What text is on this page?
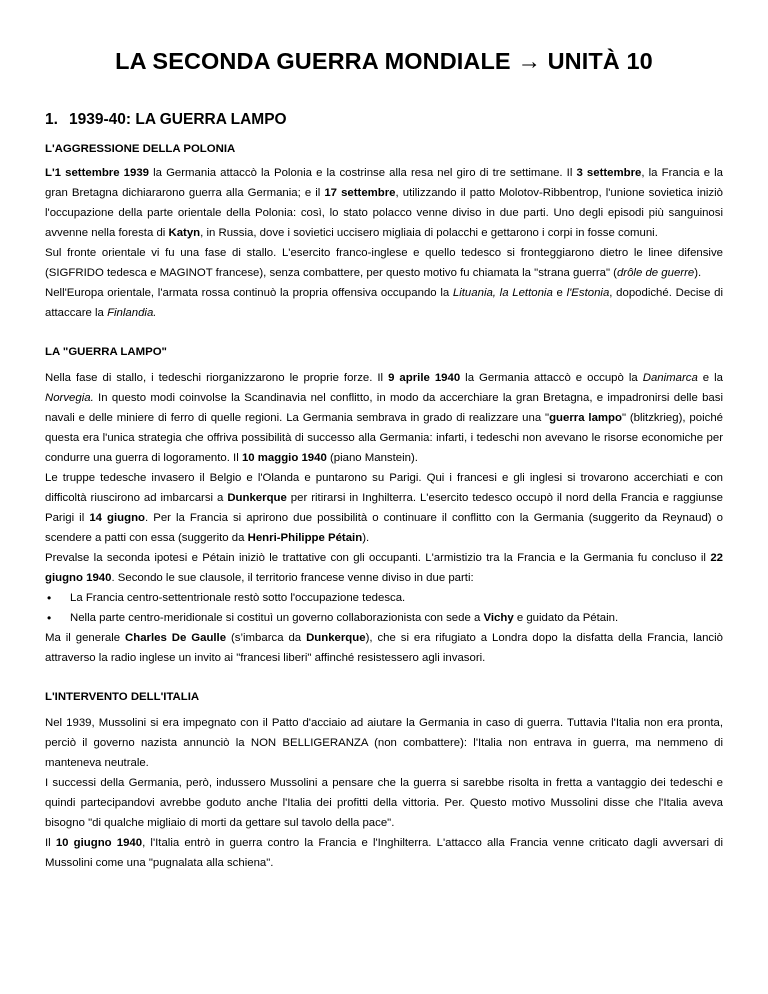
LA SECONDA GUERRA MONDIALE → UNITÀ 10
1. 1939-40: LA GUERRA LAMPO
L'AGGRESSIONE DELLA POLONIA

L'1 settembre 1939 la Germania attaccò la Polonia e la costrinse alla resa nel giro di tre settimane. Il 3 settembre, la Francia e la gran Bretagna dichiararono guerra alla Germania; e il 17 settembre, utilizzando il patto Molotov-Ribbentrop, l'unione sovietica iniziò l'occupazione della parte orientale della Polonia: così, lo stato polacco venne diviso in due parti. Uno degli episodi più sanguinosi avvenne nella foresta di Katyn, in Russia, dove i sovietici uccisero migliaia di polacchi e gettarono i corpi in fosse comuni.

Sul fronte orientale vi fu una fase di stallo. L'esercito franco-inglese e quello tedesco si fronteggiarono dietro le linee difensive (SIGFRIDO tedesca e MAGINOT francese), senza combattere, per questo motivo fu chiamata la "strana guerra" (drôle de guerre).

Nell'Europa orientale, l'armata rossa continuò la propria offensiva occupando la Lituania, la Lettonia e l'Estonia, dopodiché. Decise di attaccare la Finlandia.

LA "GUERRA LAMPO"

Nella fase di stallo, i tedeschi riorganizzarono le proprie forze. Il 9 aprile 1940 la Germania attaccò e occupò la Danimarca e la Norvegia. In questo modi coinvolse la Scandinavia nel conflitto, in modo da accerchiare la gran Bretagna, e impadronirsi delle basi navali e delle miniere di ferro di quelle regioni. La Germania sembrava in grado di realizzare una "guerra lampo" (blitzkrieg), poiché questa era l'unica strategia che offriva possibilità di successo alla Germania: infarti, i tedeschi non avevano le risorse economiche per condurre una guerra di logoramento. Il 10 maggio 1940 (piano Manstein).

Le truppe tedesche invasero il Belgio e l'Olanda e puntarono su Parigi. Qui i francesi e gli inglesi si trovarono accerchiati e con difficoltà riuscirono ad imbarcarsi a Dunkerque per ritirarsi in Inghilterra. L'esercito tedesco occupò il nord della Francia e raggiunse Parigi il 14 giugno. Per la Francia si aprirono due possibilità o continuare il conflitto con la Germania (suggerito da Reynaud) o scendere a patti con essa (suggerito da Henri-Philippe Pétain).

Prevalse la seconda ipotesi e Pétain iniziò le trattative con gli occupanti. L'armistizio tra la Francia e la Germania fu concluso il 22 giugno 1940. Secondo le sue clausole, il territorio francese venne diviso in due parti:

• La Francia centro-settentrionale restò sotto l'occupazione tedesca.
• Nella parte centro-meridionale si costituì un governo collaborazionista con sede a Vichy e guidato da Pétain.

Ma il generale Charles De Gaulle (s’imbarca da Dunkerque), che si era rifugiato a Londra dopo la disfatta della Francia, lanciò attraverso la radio inglese un invito ai "francesi liberi" affinché resistessero agli invasori.

L'INTERVENTO DELL'ITALIA

Nel 1939, Mussolini si era impegnato con il Patto d'acciaio ad aiutare la Germania in caso di guerra. Tuttavia l'Italia non era pronta, perciò il governo nazista annunciò la NON BELLIGERANZA (non combattere): l'Italia non entrava in guerra, ma nemmeno di manteneva neutrale.

I successi della Germania, però, indussero Mussolini a pensare che la guerra si sarebbe risolta in fretta a vantaggio dei tedeschi e quindi partecipandovi avrebbe goduto anche l'Italia dei profitti della vittoria. Per. Questo motivo Mussolini disse che l'Italia aveva bisogno "di qualche migliaio di morti da gettare sul tavolo della pace".

Il 10 giugno 1940, l'Italia entrò in guerra contro la Francia e l'Inghilterra. L'attacco alla Francia venne criticato dagli avversari di Mussolini come una "pugnalata alla schiena".
